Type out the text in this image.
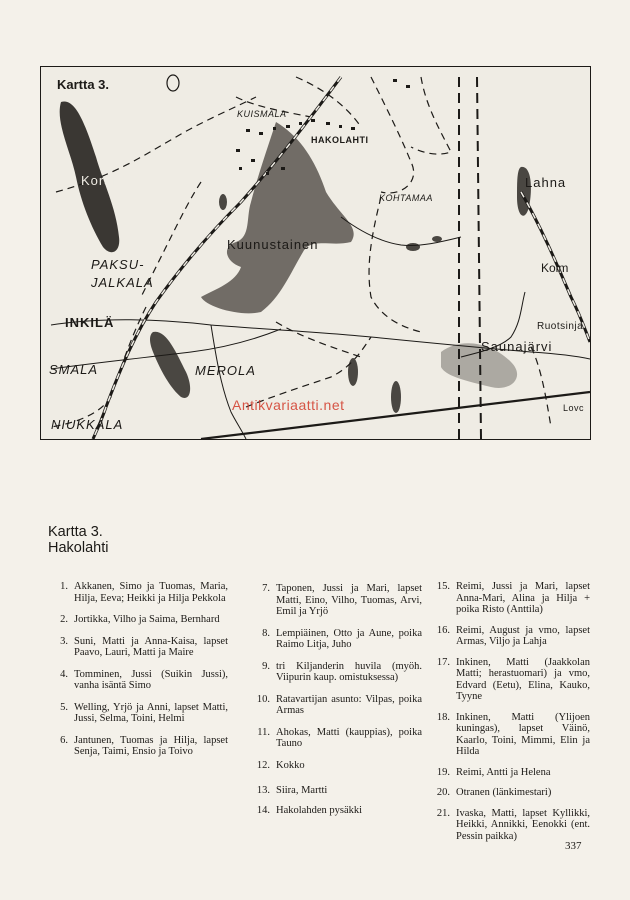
Kartta 3.
KUISMALA
HAKOLAHTI
Korsjärvi
KOHTAMAA
Lahna
Kuunustainen
PAKSU-
JALKALA
Kolm
INKILÄ	Ruotsinja
Saunajärvi
SMALA	MEROLA
NIUKKALA
Lovc
Antikvariaatti.net
Kartta 3.
Hakolahti
1. Akkanen, Simo ja Tuomas, Maria, Hilja, Eeva; Heikki ja Hilja Pekkola
2. Jortikka, Vilho ja Saima, Bernhard
3. Suni, Matti ja Anna-Kaisa, lapset Paavo, Lauri, Matti ja Maire
4. Tomminen, Jussi (Suikin Jussi), vanha isäntä Simo
5. Welling, Yrjö ja Anni, lapset Matti, Jussi, Selma, Toini, Helmi
6. Jantunen, Tuomas ja Hilja, lapset Senja, Taimi, Ensio ja Toivo
7. Taponen, Jussi ja Mari, lapset Matti, Eino, Vilho, Tuomas, Arvi, Emil ja Yrjö
8. Lempiäinen, Otto ja Aune, poika Raimo Litja, Juho
9. tri Kiljanderin huvila (myöh. Viipurin kaup. omistuksessa)
10. Ratavartijan asunto: Vilpas, poika Armas
11. Ahokas, Matti (kauppias), poika Tauno
12. Kokko
13. Siira, Martti
14. Hakolahden pysäkki
15. Reimi, Jussi ja Mari, lapset Anna-Mari, Alina ja Hilja + poika Risto (Anttila)
16. Reimi, August ja vmo, lapset Armas, Viljo ja Lahja
17. Inkinen, Matti (Jaakkolan Matti; herastuomari) ja vmo, Edvard (Eetu), Elina, Kauko, Tyyne
18. Inkinen, Matti (Ylijoen kuningas), lapset Väinö, Kaarlo, Toini, Mimmi, Elin ja Hilda
19. Reimi, Antti ja Helena
20. Otranen (länkimestari)
21. Ivaska, Matti, lapset Kyllikki, Heikki, Annikki, Eenokki (ent. Pessin paikka)
337
